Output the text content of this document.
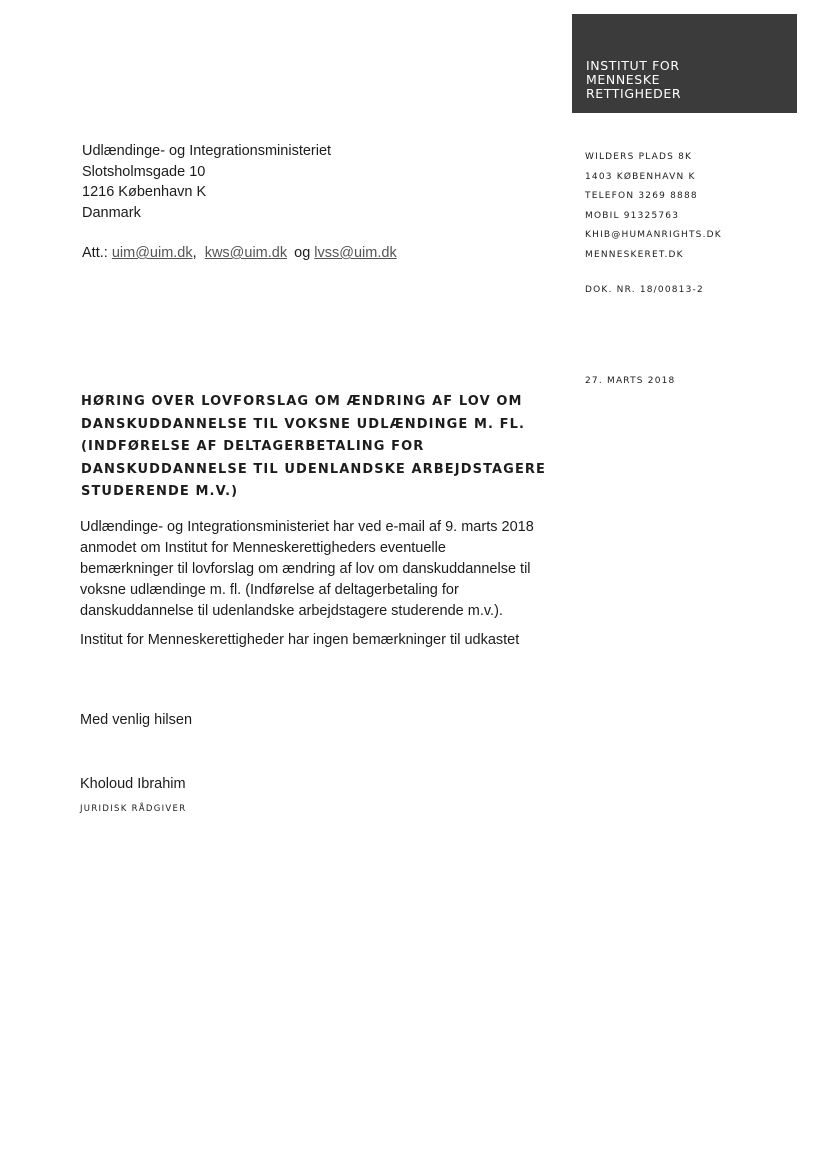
INSTITUT FOR
MENNESKE
RETTIGHEDER
Udlændinge- og Integrationsministeriet
Slotsholmsgade 10
1216 København K
Danmark
Att.: uim@uim.dk, kws@uim.dk og lvss@uim.dk
WILDERS PLADS 8K
1403 KØBENHAVN K
TELEFON 3269 8888
MOBIL 91325763
KHIB@HUMANRIGHTS.DK
MENNESKERET.DK
DOK. NR. 18/00813-2
27. MARTS 2018
HØRING OVER LOVFORSLAG OM ÆNDRING AF LOV OM
DANSKUDDANNELSE TIL VOKSNE UDLÆNDINGE M. FL.
(INDFØRELSE AF DELTAGERBETALING FOR
DANSKUDDANNELSE TIL UDENLANDSKE ARBEJDSTAGERE
STUDERENDE M.V.)
Udlændinge- og Integrationsministeriet har ved e-mail af 9. marts 2018
anmodet om Institut for Menneskerettigheders eventuelle
bemærkninger til lovforslag om ændring af lov om danskuddannelse til
voksne udlændinge m. fl. (Indførelse af deltagerbetaling for
danskuddannelse til udenlandske arbejdstagere studerende m.v.).

Institut for Menneskerettigheder har ingen bemærkninger til udkastet

Med venlig hilsen
Kholoud Ibrahim
JURIDISK RÅDGIVER
